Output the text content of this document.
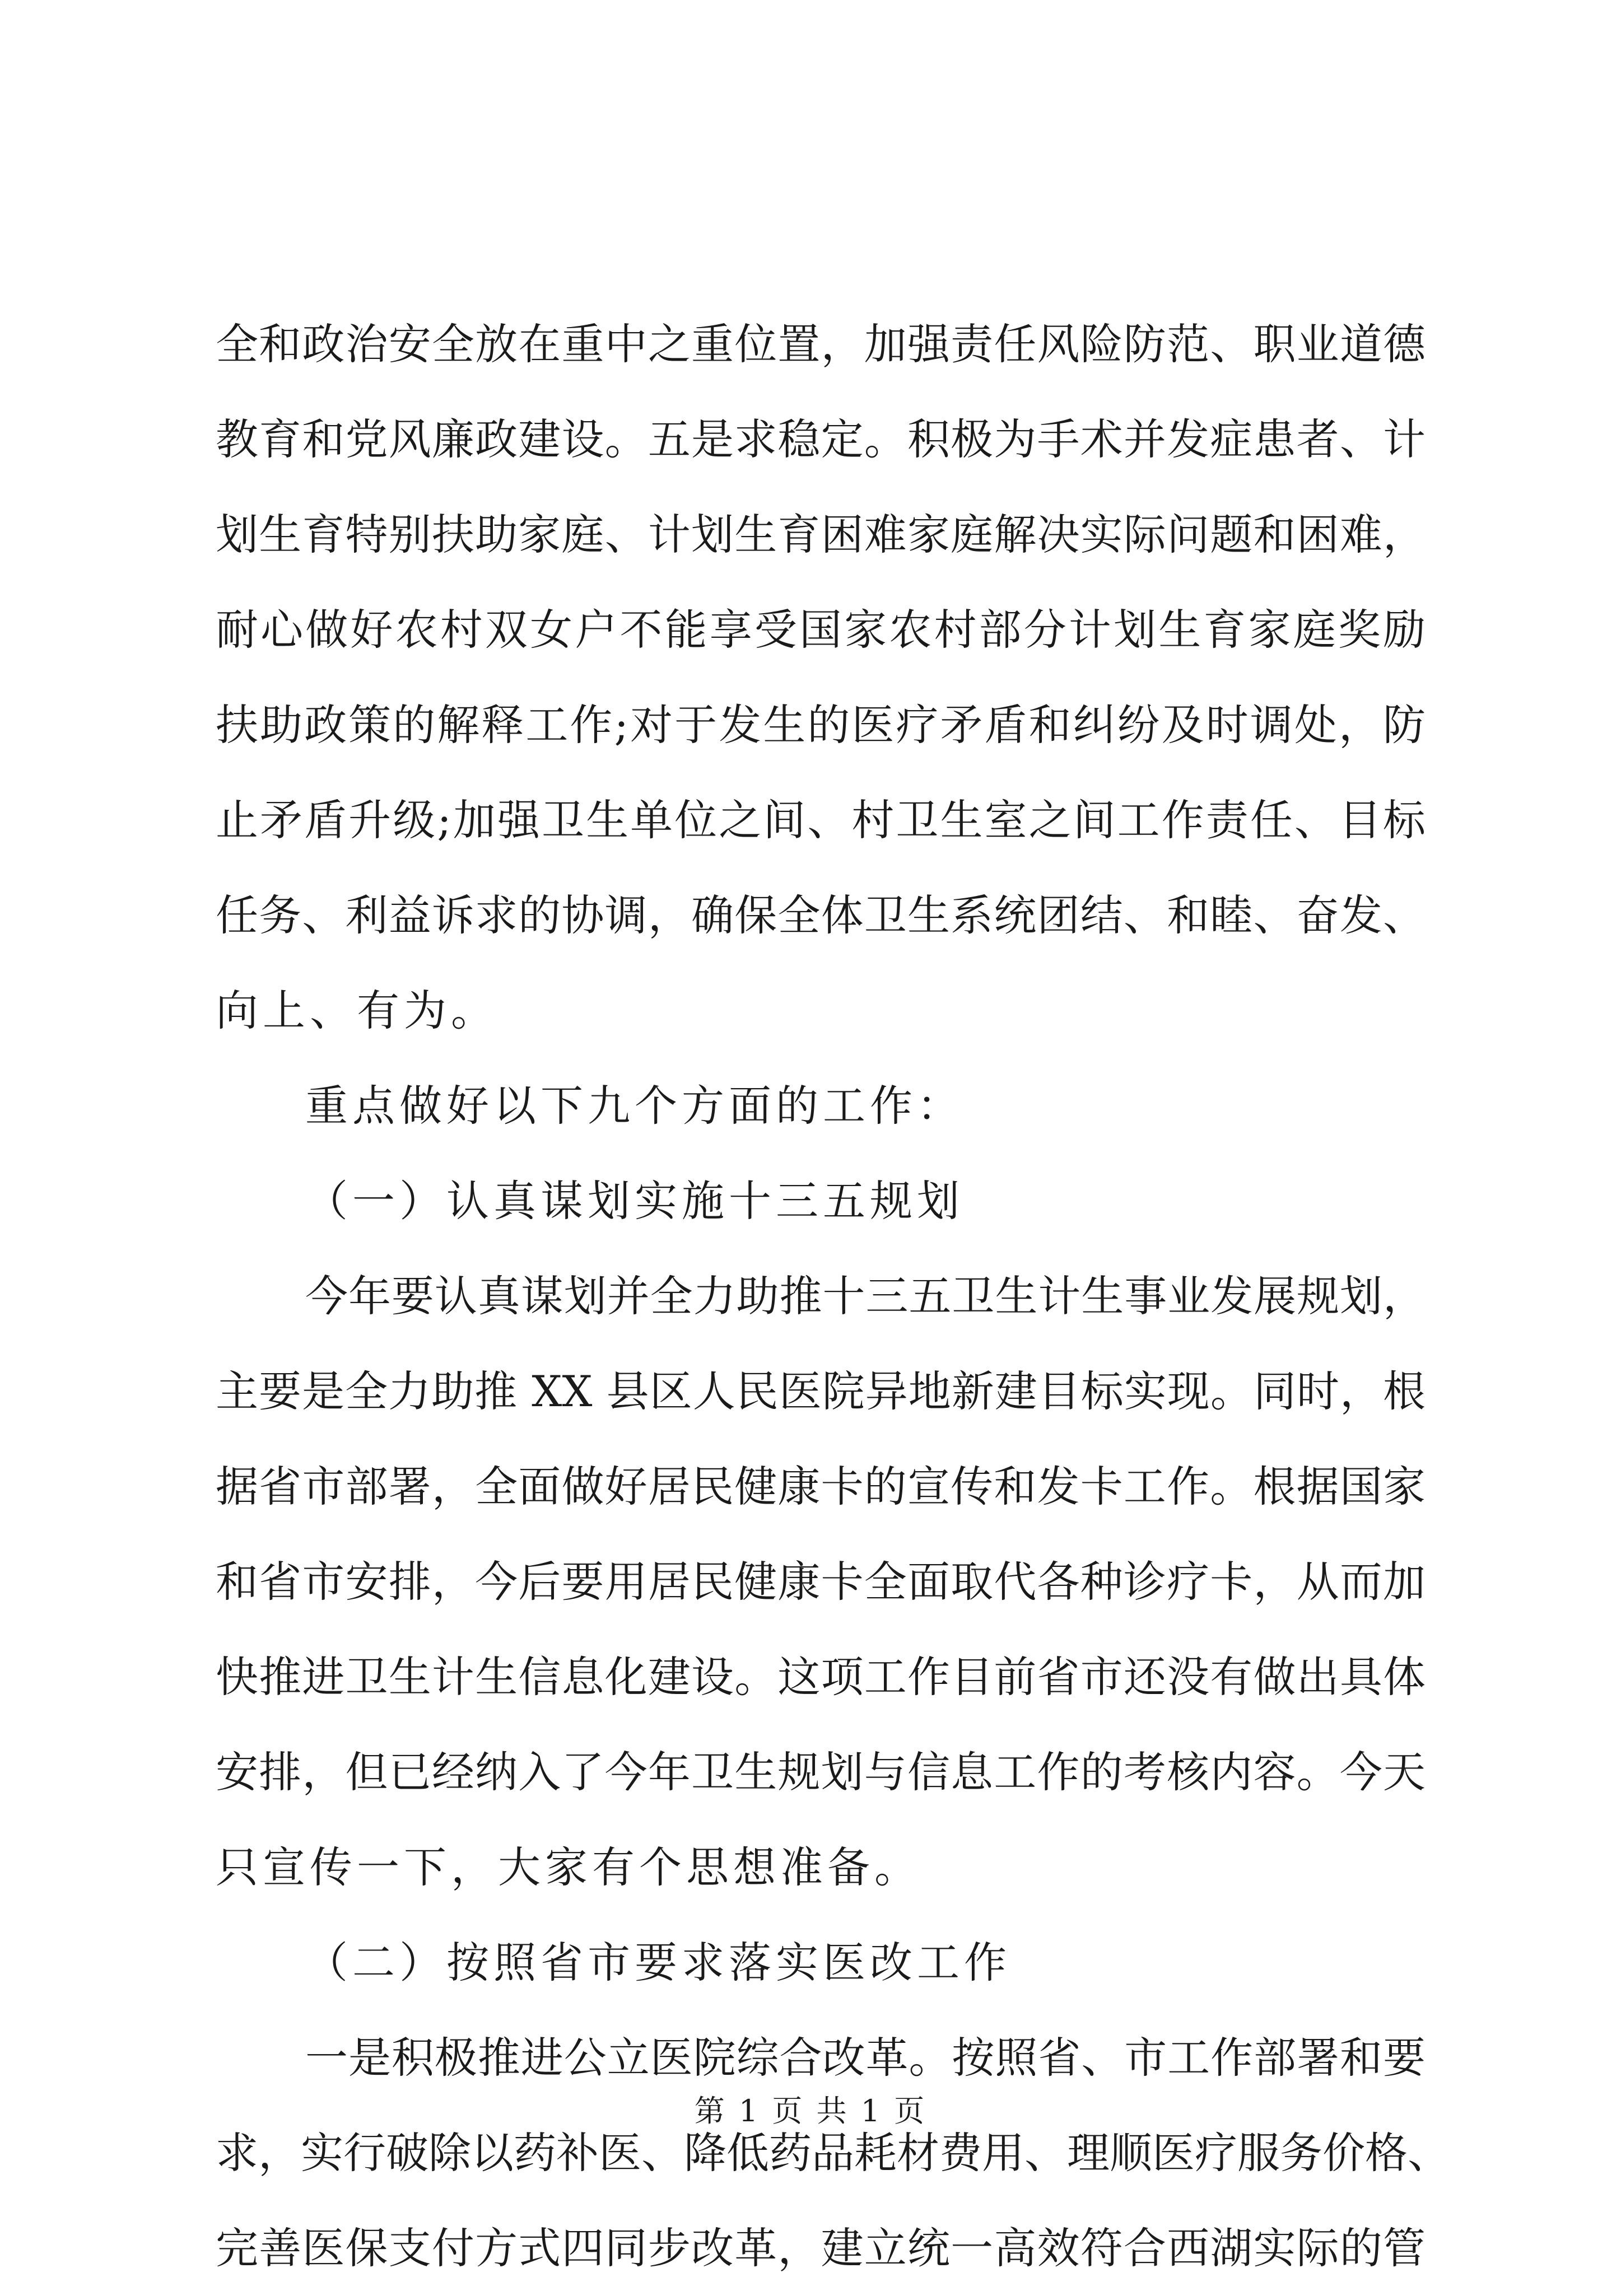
全和政治安全放在重中之重位置，加强责任风险防范、职业道德
教育和党风廉政建设。五是求稳定。积极为手术并发症患者、计
划生育特别扶助家庭、计划生育困难家庭解决实际问题和困难，
耐心做好农村双女户不能享受国家农村部分计划生育家庭奖励
扶助政策的解释工作;对于发生的医疗矛盾和纠纷及时调处，防
止矛盾升级;加强卫生单位之间、村卫生室之间工作责任、目标
任务、利益诉求的协调，确保全体卫生系统团结、和睦、奋发、
向上、有为。
重点做好以下九个方面的工作：
（一）认真谋划实施十三五规划
今年要认真谋划并全力助推十三五卫生计生事业发展规划，
主要是全力助推 XX 县区人民医院异地新建目标实现。同时，根
据省市部署，全面做好居民健康卡的宣传和发卡工作。根据国家
和省市安排，今后要用居民健康卡全面取代各种诊疗卡，从而加
快推进卫生计生信息化建设。这项工作目前省市还没有做出具体
安排，但已经纳入了今年卫生规划与信息工作的考核内容。今天
只宣传一下，大家有个思想准备。
（二）按照省市要求落实医改工作
一是积极推进公立医院综合改革。按照省、市工作部署和要
求，实行破除以药补医、降低药品耗材费用、理顺医疗服务价格、
完善医保支付方式四同步改革，建立统一高效符合西湖实际的管
第 1 页 共 1 页
